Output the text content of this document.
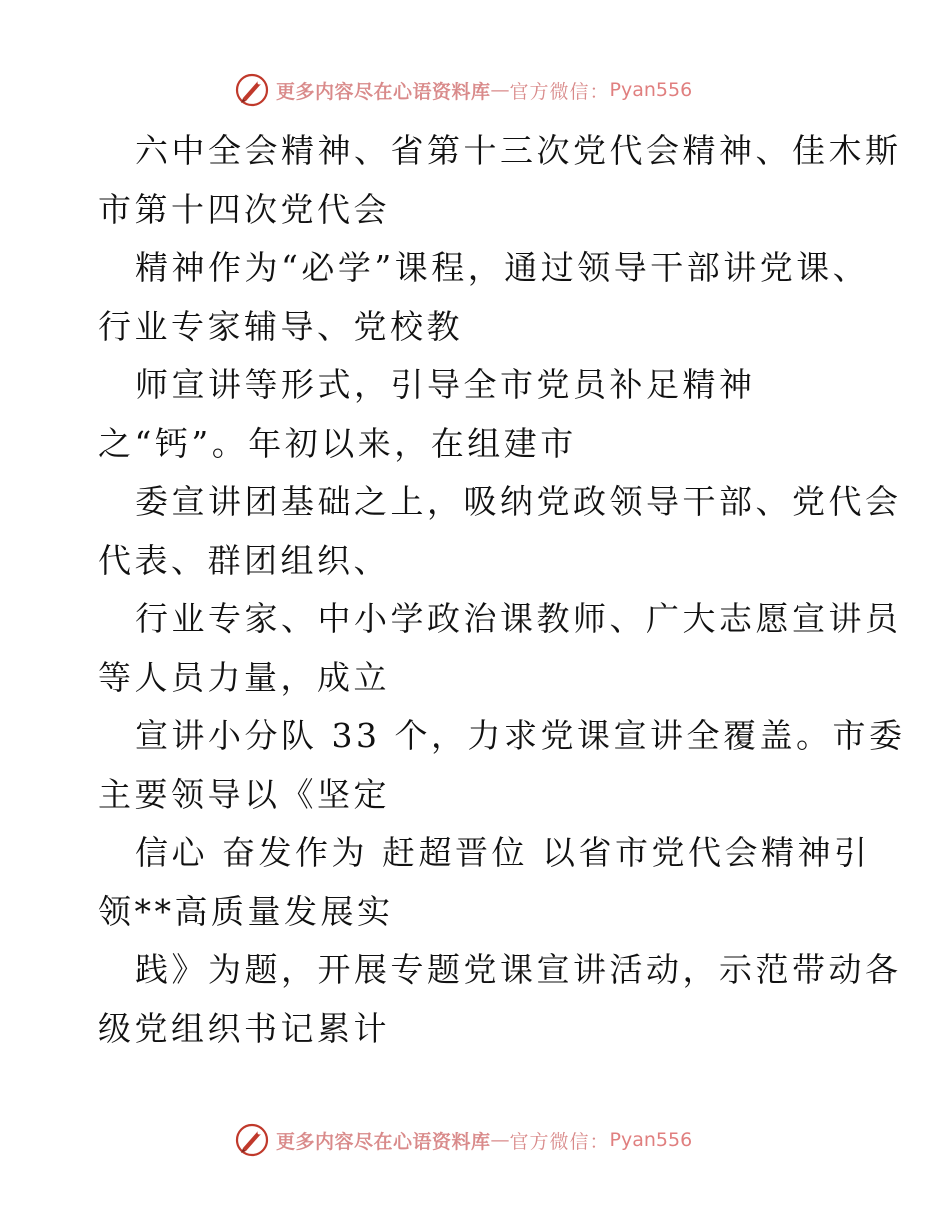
更多内容尽在心语资料库 — 官方微信： Pyan556
六中全会精神、省第十三次党代会精神、佳木斯
市第十四次党代会
精神作为“必学”课程，通过领导干部讲党课、
行业专家辅导、党校教
师宣讲等形式，引导全市党员补足精神
之“钙”。年初以来，在组建市
委宣讲团基础之上，吸纳党政领导干部、党代会
代表、群团组织、
行业专家、中小学政治课教师、广大志愿宣讲员
等人员力量，成立
宣讲小分队 33 个，力求党课宣讲全覆盖。市委
主要领导以《坚定
信心 奋发作为 赶超晋位 以省市党代会精神引
领**高质量发展实
践》为题，开展专题党课宣讲活动，示范带动各
级党组织书记累计
更多内容尽在心语资料库 — 官方微信： Pyan556
